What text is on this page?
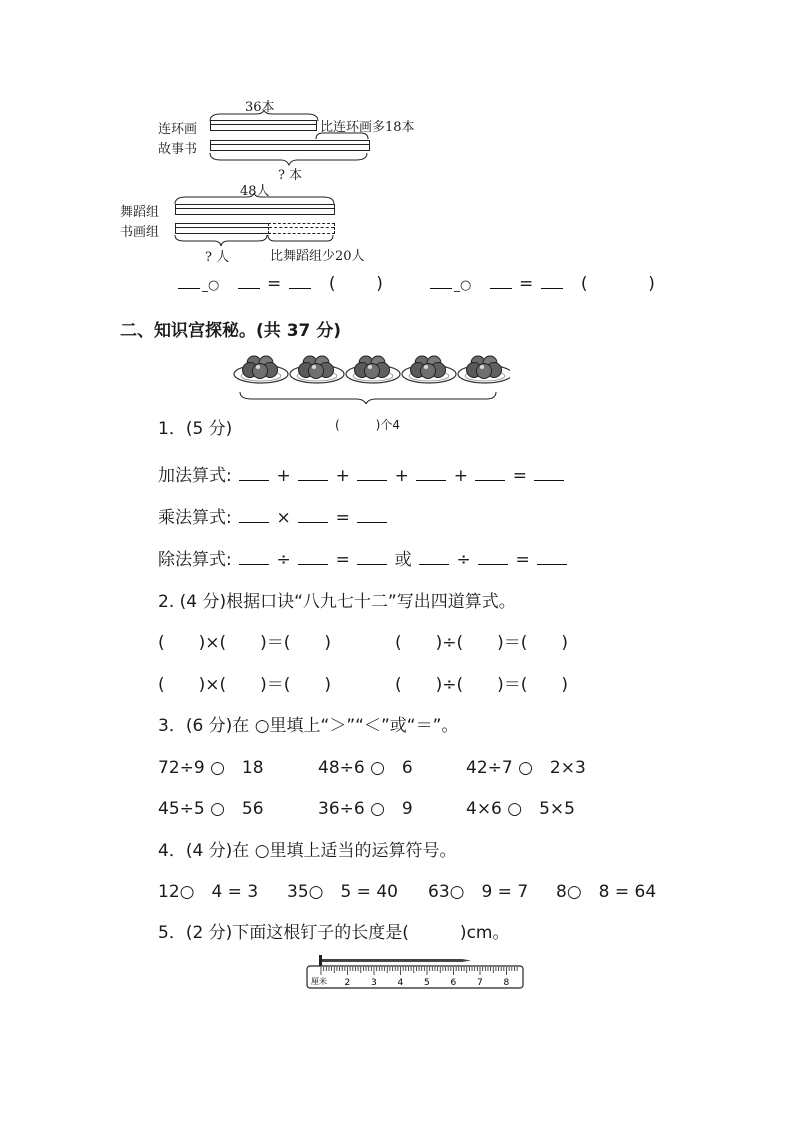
36本
连环画	比连环画多18本
故事书
? 本
48人
舞蹈组
书画组
? 人	比舞蹈组少20人
_○	=	( )	_○	=	(	)
二、知识宫探秘。(共 37 分)
1．(5 分)	(　　　)个4
加法算式:	+	+	+	+	=
乘法算式:	×	=
除法算式:	÷	=	或	÷	=
2. (4 分)根据口诀“八九七十二”写出四道算式。
(　　)×(　　)＝(　　)	(　　)÷(　　)＝(　　)
(　　)×(　　)＝(　　)	(　　)÷(　　)＝(　　)
3．(6 分)在 ○里填上“＞”“＜”或“＝”。
72÷9 ○　18	48÷6 ○　6	42÷7 ○　2×3
45÷5 ○　56	36÷6 ○　9	4×6 ○　5×5
4．(4 分)在 ○里填上适当的运算符号。
12○　4 = 3 35○　5 = 40 63○　9 = 7 8○　8 = 64
5．(2 分)下面这根钉子的长度是(　　　)cm。
厘米 2 3 4 5 6 7 8
